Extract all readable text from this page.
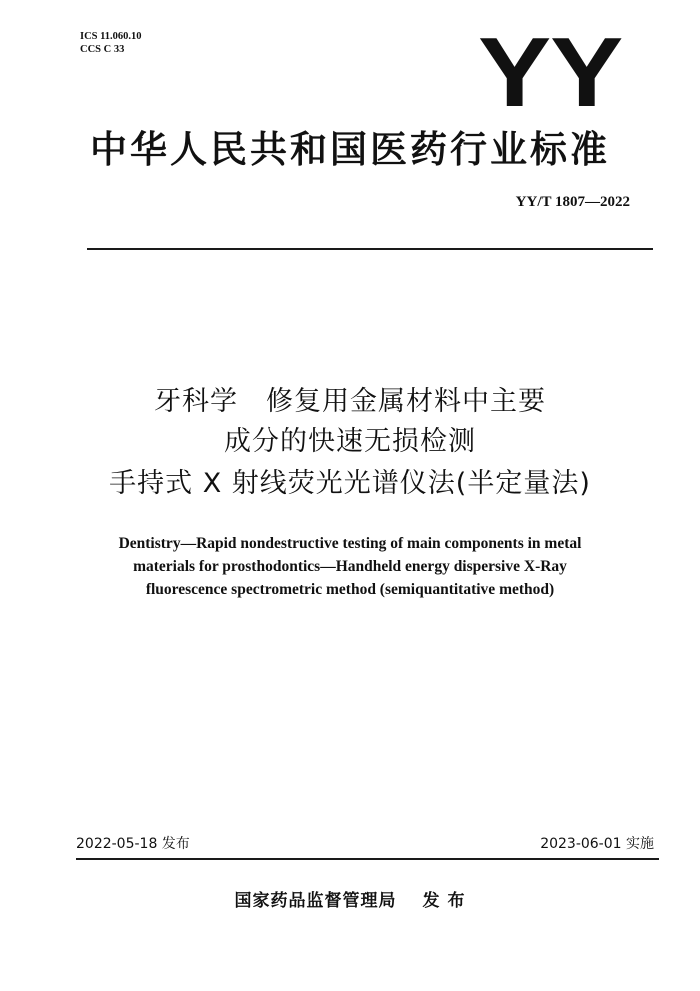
ICS 11.060.10
CCS C 33	YY
中华人民共和国医药行业标准
YY/T 1807—2022
牙科学　修复用金属材料中主要
成分的快速无损检测
手持式 X 射线荧光光谱仪法(半定量法)
Dentistry—Rapid nondestructive testing of main components in metal
materials for prosthodontics—Handheld energy dispersive X-Ray
fluorescence spectrometric method (semiquantitative method)
2022-05-18 发布	2023-06-01 实施
国家药品监督管理局 发 布
